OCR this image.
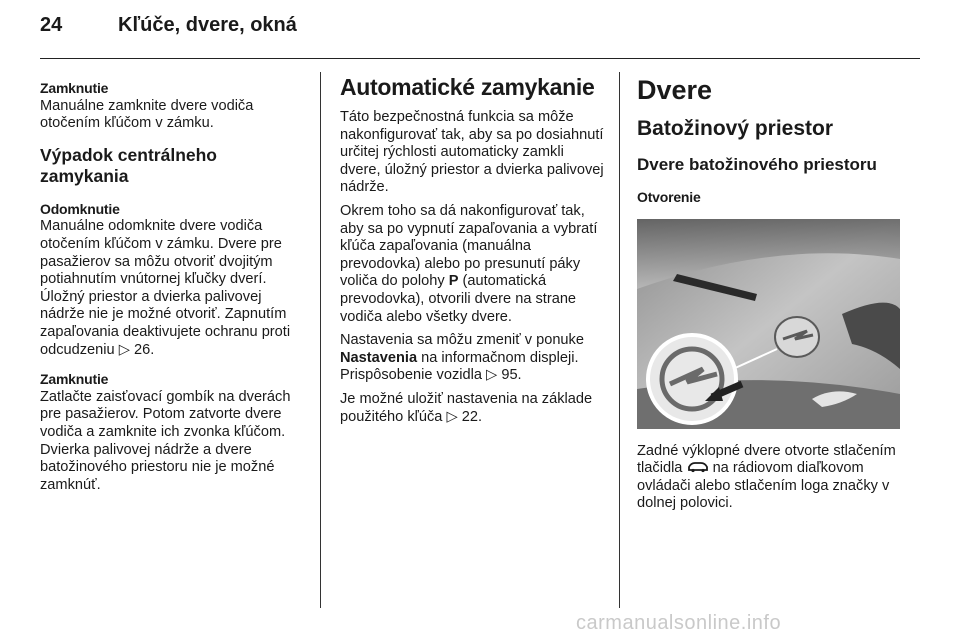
24	Kľúče, dvere, okná
Zamknutie

Manuálne zamknite dvere vodiča otočením kľúčom v zámku.

Výpadok centrálneho zamykania
Odomknutie

Manuálne odomknite dvere vodiča otočením kľúčom v zámku. Dvere pre pasažierov sa môžu otvoriť dvojitým potiahnutím vnútornej kľučky dverí. Úložný priestor a dvierka palivovej nádrže nie je možné otvoriť. Zapnutím zapaľovania deaktivujete ochranu proti odcudzeniu ▷ 26.

Zamknutie

Zatlačte zaisťovací gombík na dverách pre pasažierov. Potom zatvorte dvere vodiča a zamknite ich zvonka kľúčom. Dvierka palivovej nádrže a dvere batožinového priestoru nie je možné zamknúť.

Automatické zamykanie

Táto bezpečnostná funkcia sa môže nakonfigurovať tak, aby sa po dosiahnutí určitej rýchlosti automaticky zamkli dvere, úložný priestor a dvierka palivovej nádrže.

Okrem toho sa dá nakonfigurovať tak, aby sa po vypnutí zapaľovania a vybratí kľúča zapaľovania (manuálna prevodovka) alebo po presunutí páky voliča do polohy P (automatická prevodovka), otvorili dvere na strane vodiča alebo všetky dvere.

Nastavenia sa môžu zmeniť v ponuke Nastavenia na informačnom displeji. Prispôsobenie vozidla ▷ 95.

Je možné uložiť nastavenia na základe použitého kľúča ▷ 22.

Dvere
Batožinový priestor
Dvere batožinového priestoru
Otvorenie

Zadné výklopné dvere otvorte stlačením tlačidla na rádiovom diaľkovom ovládači alebo stlačením loga značky v dolnej polovici.

carmanualsonline.info
